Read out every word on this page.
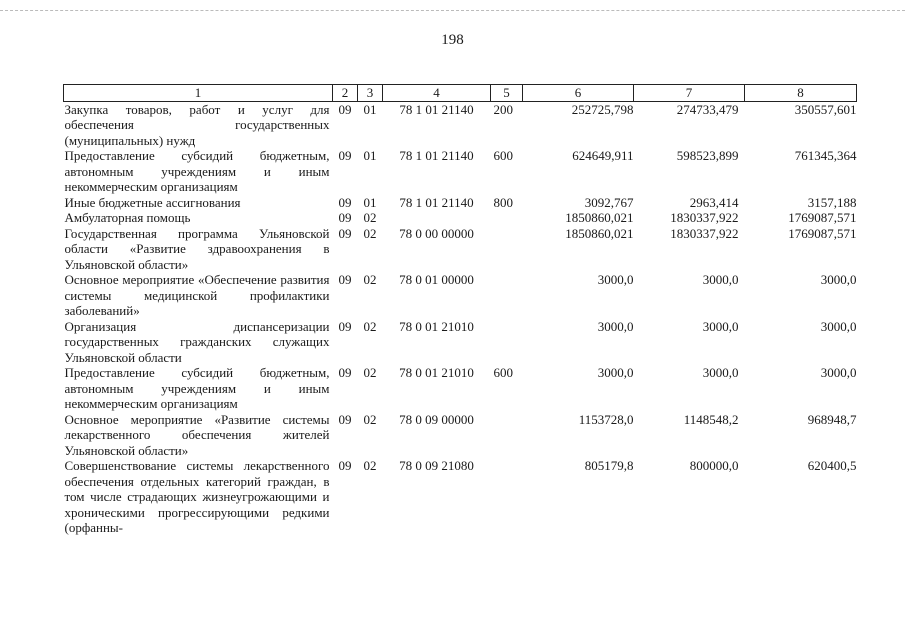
198
1	2	3	4	5	6	7	8
Закупка товаров, работ и услуг для обеспечения государственных (муниципальных) нужд	09	01	78 1 01 21140	200	252725,798	274733,479	350557,601
Предоставление субсидий бюджетным, автономным учреждениям и иным некоммерческим организациям	09	01	78 1 01 21140	600	624649,911	598523,899	761345,364
Иные бюджетные ассигнования	09	01	78 1 01 21140	800	3092,767	2963,414	3157,188
Амбулаторная помощь	09	02			1850860,021	1830337,922	1769087,571
Государственная программа Ульяновской области «Развитие здравоохранения в Ульяновской области»	09	02	78 0 00 00000		1850860,021	1830337,922	1769087,571
Основное мероприятие «Обеспечение развития системы медицинской профилактики заболеваний»	09	02	78 0 01 00000		3000,0	3000,0	3000,0
Организация диспансеризации государственных гражданских служащих Ульяновской области	09	02	78 0 01 21010		3000,0	3000,0	3000,0
Предоставление субсидий бюджетным, автономным учреждениям и иным некоммерческим организациям	09	02	78 0 01 21010	600	3000,0	3000,0	3000,0
Основное мероприятие «Развитие системы лекарственного обеспечения жителей Ульяновской области»	09	02	78 0 09 00000		1153728,0	1148548,2	968948,7
Совершенствование системы лекарственного обеспечения отдельных категорий граждан, в том числе страдающих жизнеугрожающими и хроническими прогрессирующими редкими (орфанны-	09	02	78 0 09 21080		805179,8	800000,0	620400,5
